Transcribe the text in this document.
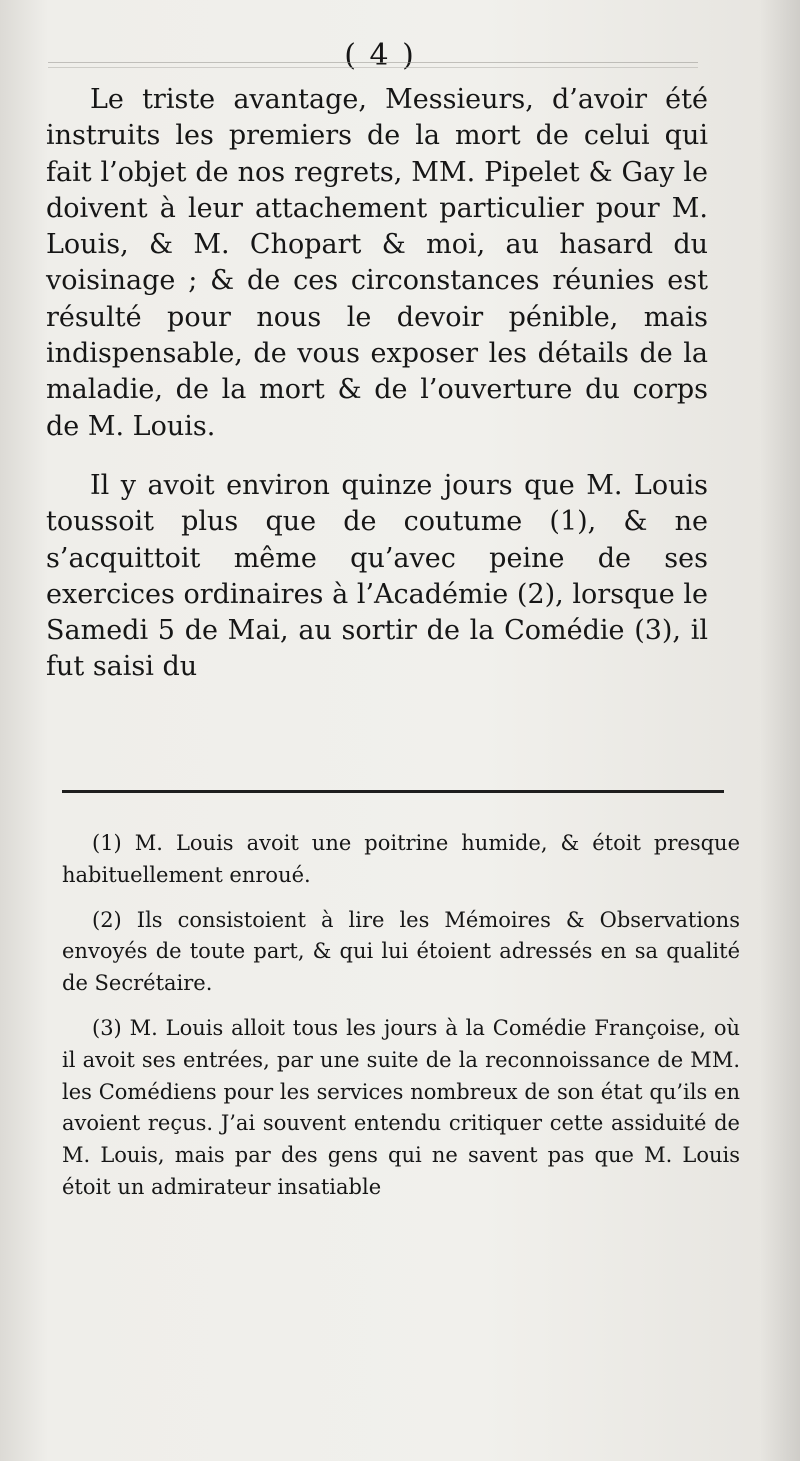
( 4 )

Le triste avantage, Messieurs, d’avoir été instruits les premiers de la mort de celui qui fait l’objet de nos regrets, MM. Pipelet & Gay le doivent à leur attachement particulier pour M. Louis, & M. Chopart & moi, au hasard du voisinage ; & de ces circonstances réunies est résulté pour nous le devoir pénible, mais indispensable, de vous exposer les détails de la maladie, de la mort & de l’ouverture du corps de M. Louis.

Il y avoit environ quinze jours que M. Louis toussoit plus que de coutume (1), & ne s’acquittoit même qu’avec peine de ses exercices ordinaires à l’Académie (2), lorsque le Samedi 5 de Mai, au sortir de la Comédie (3), il fut saisi du

(1) M. Louis avoit une poitrine humide, & étoit presque habituellement enroué.

(2) Ils consistoient à lire les Mémoires & Observations envoyés de toute part, & qui lui étoient adressés en sa qualité de Secrétaire.

(3) M. Louis alloit tous les jours à la Comédie Françoise, où il avoit ses entrées, par une suite de la reconnoissance de MM. les Comédiens pour les services nombreux de son état qu’ils en avoient reçus. J’ai souvent entendu critiquer cette assiduité de M. Louis, mais par des gens qui ne savent pas que M. Louis étoit un admirateur insatiable
